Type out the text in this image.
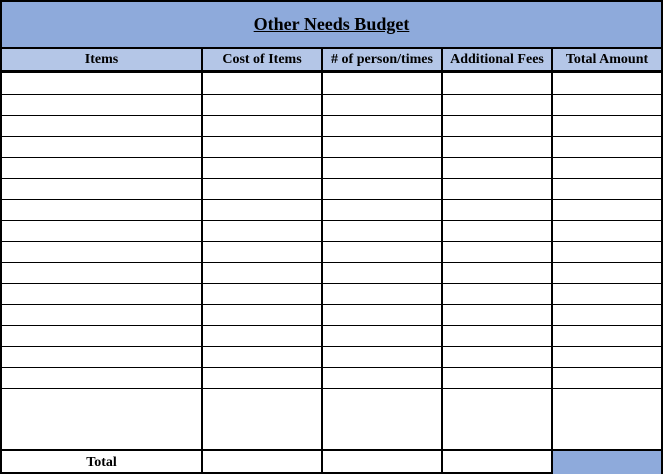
Other Needs Budget
Items	Cost of Items	# of person/times	Additional Fees	Total Amount
Total
